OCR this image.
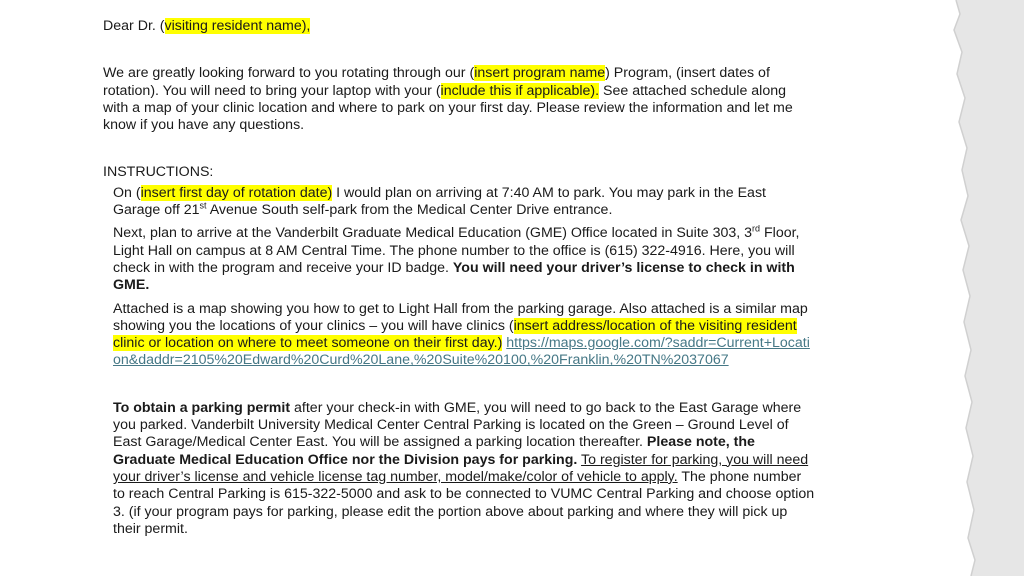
Dear Dr. (visiting resident name),

We are greatly looking forward to you rotating through our (insert program name) Program, (insert dates of rotation). You will need to bring your laptop with your (include this if applicable). See attached schedule along with a map of your clinic location and where to park on your first day. Please review the information and let me know if you have any questions.

INSTRUCTIONS:

On (insert first day of rotation date) I would plan on arriving at 7:40 AM to park. You may park in the East Garage off 21st Avenue South self-park from the Medical Center Drive entrance.

Next, plan to arrive at the Vanderbilt Graduate Medical Education (GME) Office located in Suite 303, 3rd Floor, Light Hall on campus at 8 AM Central Time. The phone number to the office is (615) 322-4916. Here, you will check in with the program and receive your ID badge. You will need your driver’s license to check in with GME.

Attached is a map showing you how to get to Light Hall from the parking garage. Also attached is a similar map showing you the locations of your clinics – you will have clinics (insert address/location of the visiting resident clinic or location on where to meet someone on their first day.) https://maps.google.com/?saddr=Current+Location&daddr=2105%20Edward%20Curd%20Lane,%20Suite%20100,%20Franklin,%20TN%2037067

To obtain a parking permit after your check-in with GME, you will need to go back to the East Garage where you parked. Vanderbilt University Medical Center Central Parking is located on the Green – Ground Level of East Garage/Medical Center East. You will be assigned a parking location thereafter. Please note, the Graduate Medical Education Office nor the Division pays for parking. To register for parking, you will need your driver’s license and vehicle license tag number, model/make/color of vehicle to apply. The phone number to reach Central Parking is 615-322-5000 and ask to be connected to VUMC Central Parking and choose option 3. (if your program pays for parking, please edit the portion above about parking and where they will pick up their permit.
